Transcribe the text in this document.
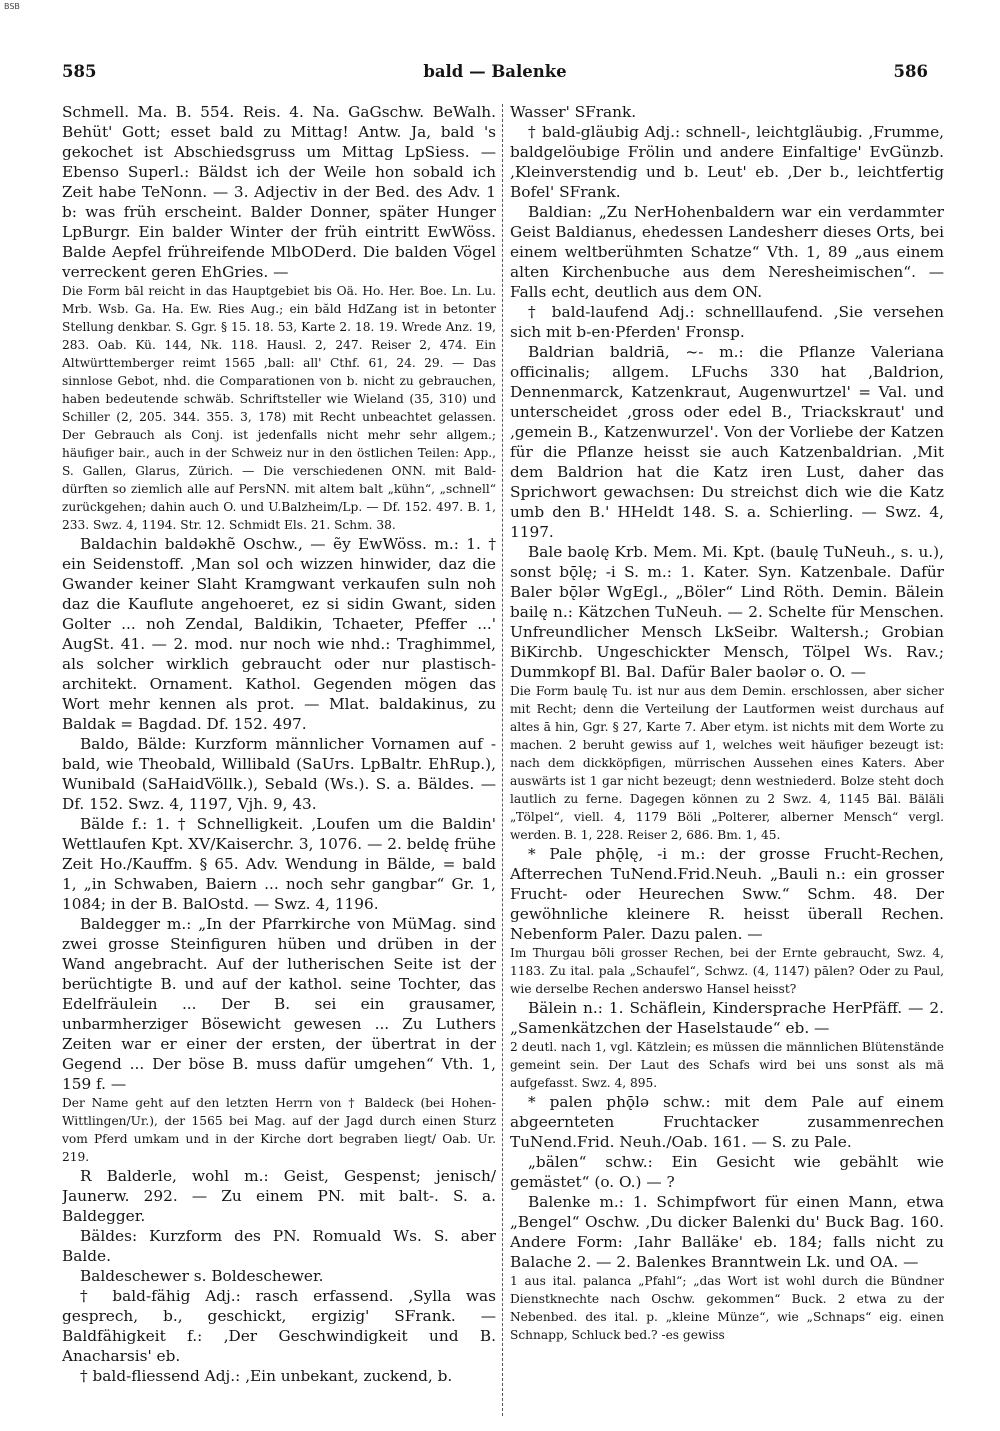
BSB
585	bald — Balenke	586

Schmell. Ma. B. 554. Reis. 4. Na. GaGschw. BeWalh. Behüt' Gott; esset bald zu Mittag! Antw. Ja, bald 's gekochet ist Abschiedsgruss um Mittag LpSiess. — Ebenso Superl.: Bäldst ich der Weile hon sobald ich Zeit habe TeNonn. — 3. Adjectiv in der Bed. des Adv. 1 b: was früh erscheint. Balder Donner, später Hunger LpBurgr. Ein balder Winter der früh eintritt EwWöss. Balde Aepfel frühreifende MlbODerd. Die balden Vögel verreckent geren EhGries. —

Die Form bāl reicht in das Hauptgebiet bis Oä. Ho. Her. Boe. Ln. Lu. Mrb. Wsb. Ga. Ha. Ew. Ries Aug.; ein băld HdZang ist in betonter Stellung denkbar. S. Ggr. § 15. 18. 53, Karte 2. 18. 19. Wrede Anz. 19, 283. Oab. Kü. 144, Nk. 118. Hausl. 2, 247. Reiser 2, 474. Ein Altwürttemberger reimt 1565 ‚ball: all' Cthf. 61, 24. 29. — Das sinnlose Gebot, nhd. die Comparationen von b. nicht zu gebrauchen, haben bedeutende schwäb. Schriftsteller wie Wieland (35, 310) und Schiller (2, 205. 344. 355. 3, 178) mit Recht unbeachtet gelassen. Der Gebrauch als Conj. ist jedenfalls nicht mehr sehr allgem.; häufiger bair., auch in der Schweiz nur in den östlichen Teilen: App., S. Gallen, Glarus, Zürich. — Die verschiedenen ONN. mit Bald- dürften so ziemlich alle auf PersNN. mit altem balt „kühn“, „schnell“ zurückgehen; dahin auch O. und U.Balzheim/Lp. — Df. 152. 497. B. 1, 233. Swz. 4, 1194. Str. 12. Schmidt Els. 21. Schm. 38.

Baldachin baldəkhẽ Oschw., — ẽy EwWöss. m.: 1. † ein Seidenstoff. ‚Man sol och wizzen hinwider, daz die Gwander keiner Slaht Kramgwant verkaufen suln noh daz die Kauflute angehoeret, ez si sidin Gwant, siden Golter ... noh Zendal, Baldikin, Tchaeter, Pfeffer ...' AugSt. 41. — 2. mod. nur noch wie nhd.: Traghimmel, als solcher wirklich gebraucht oder nur plastisch-architekt. Ornament. Kathol. Gegenden mögen das Wort mehr kennen als prot. — Mlat. baldakinus, zu Baldak = Bagdad. Df. 152. 497.

Baldo, Bälde: Kurzform männlicher Vornamen auf -bald, wie Theobald, Willibald (SaUrs. LpBaltr. EhRup.), Wunibald (SaHaidVöllk.), Sebald (Ws.). S. a. Bäldes. — Df. 152. Swz. 4, 1197, Vjh. 9, 43.

Bälde f.: 1. † Schnelligkeit. ‚Loufen um die Baldin' Wettlaufen Kpt. XV/Kaiserchr. 3, 1076. — 2. beldę frühe Zeit Ho./Kauffm. § 65. Adv. Wendung in Bälde, = bald 1, „in Schwaben, Baiern ... noch sehr gangbar“ Gr. 1, 1084; in der B. BalOstd. — Swz. 4, 1196.

Baldegger m.: „In der Pfarrkirche von MüMag. sind zwei grosse Steinfiguren hüben und drüben in der Wand angebracht. Auf der lutherischen Seite ist der berüchtigte B. und auf der kathol. seine Tochter, das Edelfräulein ... Der B. sei ein grausamer, unbarmherziger Bösewicht gewesen ... Zu Luthers Zeiten war er einer der ersten, der übertrat in der Gegend ... Der böse B. muss dafür umgehen“ Vth. 1, 159 f. —

Der Name geht auf den letzten Herrn von † Baldeck (bei Hohen-Wittlingen/Ur.), der 1565 bei Mag. auf der Jagd durch einen Sturz vom Pferd umkam und in der Kirche dort begraben liegt/ Oab. Ur. 219.

R Balderle, wohl m.: Geist, Gespenst; jenisch/ Jaunerw. 292. — Zu einem PN. mit balt-. S. a. Baldegger.

Bäldes: Kurzform des PN. Romuald Ws. S. aber Balde.

Baldeschewer s. Boldeschewer.

† bald-fähig Adj.: rasch erfassend. ‚Sylla was gesprech, b., geschickt, ergizig' SFrank. — Baldfähigkeit f.: ‚Der Geschwindigkeit und B. Anacharsis' eb.

† bald-fliessend Adj.: ‚Ein unbekant, zuckend, b.

Wasser' SFrank.

† bald-gläubig Adj.: schnell-, leichtgläubig. ‚Frumme, baldgelöubige Frölin und andere Einfaltige' EvGünzb. ‚Kleinverstendig und b. Leut' eb. ‚Der b., leichtfertig Bofel' SFrank.

Baldian: „Zu NerHohenbaldern war ein verdammter Geist Baldianus, ehedessen Landesherr dieses Orts, bei einem weltberühmten Schatze“ Vth. 1, 89 „aus einem alten Kirchenbuche aus dem Neresheimischen“. — Falls echt, deutlich aus dem ON.

† bald-laufend Adj.: schnelllaufend. ‚Sie versehen sich mit b-en·Pferden' Fronsp.

Baldrian baldriā, ~- m.: die Pflanze Valeriana officinalis; allgem. LFuchs 330 hat ‚Baldrion, Dennenmarck, Katzenkraut, Augenwurtzel' = Val. und unterscheidet ‚gross oder edel B., Triackskraut' und ‚gemein B., Katzenwurzel'. Von der Vorliebe der Katzen für die Pflanze heisst sie auch Katzenbaldrian. ‚Mit dem Baldrion hat die Katz iren Lust, daher das Sprichwort gewachsen: Du streichst dich wie die Katz umb den B.' HHeldt 148. S. a. Schierling. — Swz. 4, 1197.

Bale baolę Krb. Mem. Mi. Kpt. (baulę TuNeuh., s. u.), sonst bǭlę; -i S. m.: 1. Kater. Syn. Katzenbale. Dafür Baler bǭlər WgEgl., „Böler“ Lind Röth. Demin. Bälein bailę n.: Kätzchen TuNeuh. — 2. Schelte für Menschen. Unfreundlicher Mensch LkSeibr. Waltersh.; Grobian BiKirchb. Ungeschickter Mensch, Tölpel Ws. Rav.; Dummkopf Bl. Bal. Dafür Baler baolər o. O. —

Die Form baulę Tu. ist nur aus dem Demin. erschlossen, aber sicher mit Recht; denn die Verteilung der Lautformen weist durchaus auf altes ā hin, Ggr. § 27, Karte 7. Aber etym. ist nichts mit dem Worte zu machen. 2 beruht gewiss auf 1, welches weit häufiger bezeugt ist: nach dem dickköpfigen, mürrischen Aussehen eines Katers. Aber auswärts ist 1 gar nicht bezeugt; denn westniederd. Bolze steht doch lautlich zu ferne. Dagegen können zu 2 Swz. 4, 1145 Bāl. Bäläli „Tölpel“, viell. 4, 1179 Böli „Polterer, alberner Mensch“ vergl. werden. B. 1, 228. Reiser 2, 686. Bm. 1, 45.

* Pale phǭlę, -i m.: der grosse Frucht-Rechen, Afterrechen TuNend.Frid.Neuh. „Bauli n.: ein grosser Frucht- oder Heurechen Sww.“ Schm. 48. Der gewöhnliche kleinere R. heisst überall Rechen. Nebenform Paler. Dazu palen. —

Im Thurgau bōli grosser Rechen, bei der Ernte gebraucht, Swz. 4, 1183. Zu ital. pala „Schaufel“, Schwz. (4, 1147) pālen? Oder zu Paul, wie derselbe Rechen anderswo Hansel heisst?

Bälein n.: 1. Schäflein, Kindersprache HerPfäff. — 2. „Samenkätzchen der Haselstaude“ eb. —

2 deutl. nach 1, vgl. Kätzlein; es müssen die männlichen Blütenstände gemeint sein. Der Laut des Schafs wird bei uns sonst als mä aufgefasst. Swz. 4, 895.

* palen phǭlə schw.: mit dem Pale auf einem abgeernteten Fruchtacker zusammenrechen TuNend.Frid. Neuh./Oab. 161. — S. zu Pale.

„bälen“ schw.: Ein Gesicht wie gebählt wie gemästet“ (o. O.) — ?

Balenke m.: 1. Schimpfwort für einen Mann, etwa „Bengel“ Oschw. ‚Du dicker Balenki du' Buck Bag. 160. Andere Form: ‚Iahr Balläke' eb. 184; falls nicht zu Balache 2. — 2. Balenkes Branntwein Lk. und OA. —

1 aus ital. palanca „Pfahl“; „das Wort ist wohl durch die Bündner Dienstknechte nach Oschw. gekommen“ Buck. 2 etwa zu der Nebenbed. des ital. p. „kleine Münze“, wie „Schnaps“ eig. einen Schnapp, Schluck bed.? -es gewiss
